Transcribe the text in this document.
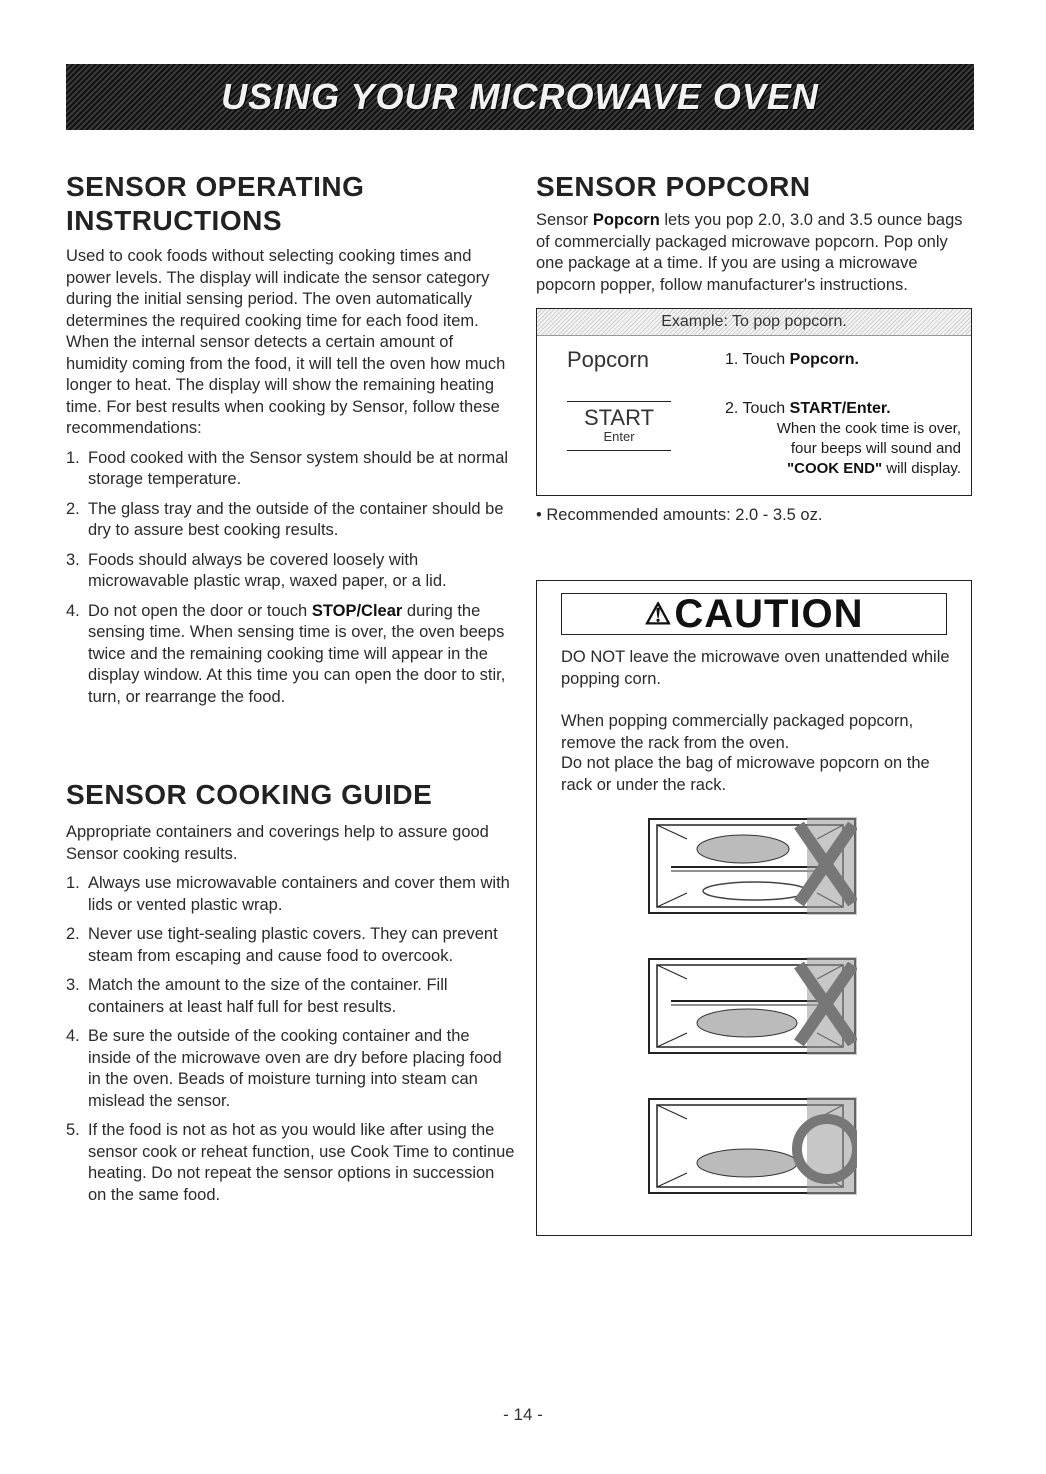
USING YOUR MICROWAVE OVEN
SENSOR OPERATING
INSTRUCTIONS

Used to cook foods without selecting cooking times and power levels. The display will indicate the sensor category during the initial sensing period. The oven automatically determines the required cooking time for each food item.

When the internal sensor detects a certain amount of humidity coming from the food, it will tell the oven how much longer to heat. The display will show the remaining heating time. For best results when cooking by Sensor, follow these recommendations:

1. Food cooked with the Sensor system should be at normal storage temperature.
2. The glass tray and the outside of the container should be dry to assure best cooking results.
3. Foods should always be covered loosely with microwavable plastic wrap, waxed paper, or a lid.
4. Do not open the door or touch STOP/Clear during the sensing time. When sensing time is over, the oven beeps twice and the remaining cooking time will appear in the display window. At this time you can open the door to stir, turn, or rearrange the food.
SENSOR COOKING GUIDE

Appropriate containers and coverings help to assure good Sensor cooking results.

1. Always use microwavable containers and cover them with lids or vented plastic wrap.
2. Never use tight-sealing plastic covers. They can prevent steam from escaping and cause food to overcook.
3. Match the amount to the size of the container. Fill containers at least half full for best results.
4. Be sure the outside of the cooking container and the inside of the microwave oven are dry before placing food in the oven. Beads of moisture turning into steam can mislead the sensor.
5. If the food is not as hot as you would like after using the sensor cook or reheat function, use Cook Time to continue heating. Do not repeat the sensor options in succession on the same food.
SENSOR POPCORN

Sensor Popcorn lets you pop 2.0, 3.0 and 3.5 ounce bags of commercially packaged microwave popcorn. Pop only one package at a time. If you are using a microwave popcorn popper, follow manufacturer's instructions.

Example: To pop popcorn.
Popcorn	1. Touch Popcorn.
START
Enter
2. Touch START/Enter.
When the cook time is over, four beeps will sound and "COOK END" will display.
• Recommended amounts: 2.0 - 3.5 oz.
⚠ CAUTION

DO NOT leave the microwave oven unattended while popping corn.

When popping commercially packaged popcorn, remove the rack from the oven.

Do not place the bag of microwave popcorn on the rack or under the rack.

- 14 -
